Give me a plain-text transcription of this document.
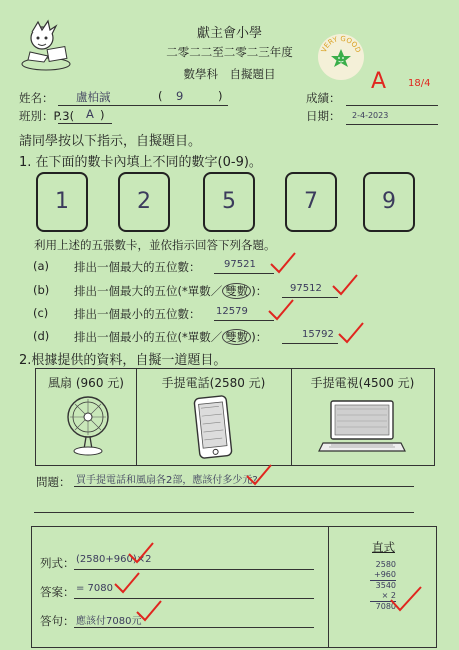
獻主會小學
二零二二至二零二三年度
數學科　自擬題目
VERY GOOD
姓名： 盧柏誠	( 9	)	成績：
A 18/4
班別：P.3( A )	日期： 2-4-2023
請同學按以下指示，自擬題目。
1. 在下面的數卡內填上不同的數字(0-9)。
1	2	5	7	9
利用上述的五張數卡，並依指示回答下列各題。
(a) 排出一個最大的五位數： 97521
(b) 排出一個最大的五位(*單數／ 雙數 )： 97512
(c) 排出一個最小的五位數： 12579
(d) 排出一個最小的五位(*單數／ 雙數 )：	15792
2.根據提供的資料，自擬一道題目。
風扇 (960 元)	手提電話(2580 元)	手提電視(4500 元)
問題： 買手提電話和風扇各2部，應該付多少元?
列式： (2580+960)×2
答案： = 7080
答句： 應該付7080元
直式
2580
+960
3540
× 2
7080
